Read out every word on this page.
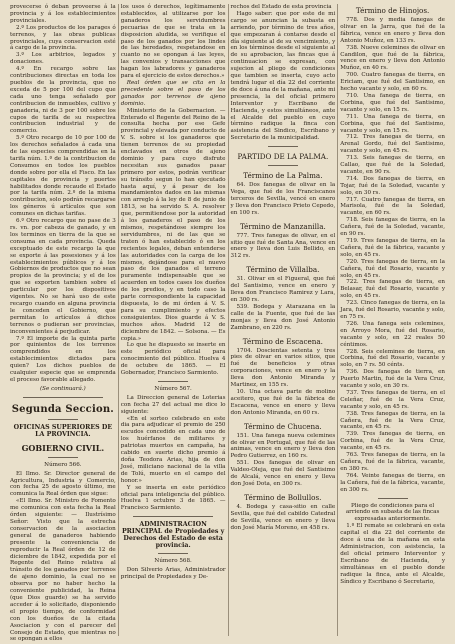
provecerse ó deban proveerse á la provincia y á los establecimientos provinciales.

2.º Los productos de los parages ó terrenos, y las obras publicas provinciales, cuya conservacion esté á cargo de la provincia.

3.º Los arbitrios, legados y donaciones.

4.º En recargo sobre las contribuciones directas en toda los pueblos de la provincia, que no exceda de 5 por 100 del cupo que cada uno tenga señalado por contribucion de inmuebles, cultivo y ganaderia, ni de 3 por 100 sobre los cupos de tarifa de su respectiva contribucion industrial y de comercio.

5.º Otro recargo de 10 por 100 de los derechos señalados á cada una de las especies comprendidas en la tarifa núm. 1.º de la contribucion de Consumos en todos los pueblos donde sobre por ella el Fisco. En las capitales de provincia y puertos habilitados donde recaude el Estado por la tarifa núm. 2.º de la misma contribucion, solo podrán recargarse los géneros ú artículos que son comunes en dichas tarifas.

6.º Otro recargo que no pase de 3 rs. vn. por cabeza de ganado, y en los terminos en tierra de la que se consuma en cada provincia. Queda exceptuado de este recargo la que se exporte á las posesiones y á los establecimientos públicos y á los Gobiernos de productos que no sean propios de la provincia; y el de los que se exporten tambien sobre el particular por los dispositivos vigentes. No se hará uso de este recargo cuando en alguna provincia le conceden el Gobierno, que permitan lo artículos á dichos terrenos o pudieran ser provincias, inconvenientes á perjudicar.

7.º El importe de la quinta parte por quinientos de los terrenos comprendidos en los establecimientos dictados para quien? Los dichos pueblos de cualquier especie que se emprenda el proceso favorable allegado.

(Se continuará.)

Segunda Seccion.
OFICINAS SUPERIORES DE LA PROVINCIA.
GOBIERNO CIVIL.

Número 566.

El Ilmo. Sr. Director general de Agricultura, Industria y Comercio, con fecha 25 de agosto último, me comunica la Real órden que sigue:

«El Ilmo. Sr. Ministro de Fomento me comunica con esta fecha la Real órden siguiente: — Ilustrísimo Señor: Visto que la estrecha conservacion de la asociacion general de ganaderos habiendo presente la conveniencia de reproducir la Real órden de 12 de diciembre de 1842, expedida por el Regente del Reino relativa al tránsito de los ganados por terrenos de ajeno dominio, la cual no se observa por no haber hecho la conveniente publicidad, la Reina (que Dios guarde) se ha servido acceder á lo solicitado, disponiendo el propio tiempo, de conformidad con los dueños de la citada Asociacion y con el parecer del Consejo de Estado, que mientras no se opongan a ellos

los usos ó derechos, legítimamente establecidos, al utilizarse por los ganaderos los servidumbres pecuarias de que se trata en la disposicion aludida, se verifique el paso de los ganados por los lindes de las heredades, respetandose en cuanto no se opongan á las leyes, las convenios y transacciones que hagan los labradores y ganaderos para el ejercicio de estos derechos.»

Real órden que se cita en la precedente sobre el paso de los ganados por terrenos de ajeno dominio.

Ministerio de la Gobernacion. — Enterado el Regente del Reino de la consulta hecha por ese Gefe provincial y elevada por conducto de V. S. sobre si los ganaderos que tienen terrenos de su propiedad enclavados en otros de ajeno dominio y para cuyo disfrute necesitan sus ganados pasar primero por estos, podrán verificar su tránsito segun lo han ejecutado hasta aquí, y á pesar de los mandamientos dados en las mismas con arreglo á la ley de 8 de junio de 1813, se ha servido S. A. resolver que, permitiendose por la autoridad á los ganaderos el paso de los mismos, respetándose siempre los servidumbres, ni de las que se traten ó han establecido ó en los recientes legales, deban entenderse las autoridades con la carga de los mismos, dejándose para el nuevo paso de los ganados el terreno puramente indispensable que se acuerden en todos cases los dueños de los predios, y en todo caso la parte correspondiente la capacidad dispuesta, lo de mi órden á V. S. para su cumplimiento y efectos consiguientes. Dios guarde á V. S. muchos años. Madrid 12 de diciembre de 1842. — Solsona. — Es copia.»

Lo que he dispuesto se inserte en este periódico oficial para conocimiento del público. Huelva 4 de octubre de 1865. — El Gobernador, Francisco Sarmiento.

Número 567.

La Direccion general de Loterias con fecha 27 del actual me dice lo siguiente:

«En el sorteo celebrado en este dia para adjudicar el premio de 250 escudos concedido en cada uno de los huérfanos de militares y patriotas muertos en campaña, ha cabido en suerte dicho premio á doña Teodora Arias, hija de don José, miliciano nacional de la villa de Tolú, muerto en el campo del honor.»

Y se inserta en este periódico oficial para inteligencia del público. Huelva 1 octubre 3 de 1865. — Francisco Sarmiento.

ADMINISTRACION PRINCIPAL de Propiedades y Derechos del Estado de esta provincia.

Número 568.

Don Silverio Arias, Administrador principal de Propiedades y De-

rechos del Estado de esta provincia

Hago saber: que por este de mi cargo se anuncian la subasta en arriendo, por término de tres años, que empezaran á contarse desde el día siguiente al de su vencimiento, y en los términos desde el siguiente al de su aprobacion, las fincas que á continuacion se expresan, con sujecion al pliego de condiciones que tambien se inserta, cuyo acto tendrá lugar el día 22 del corriente de doce á una de la mañana, ante mi presencia, la del oficial primero Interventor y Escribano de Hacienda, y estos simultáneos, ante el Alcalde del pueblo en cuyo término radique la finca con asistencia del Sindico, Escribano y Secretario de la municipalidad.

PARTIDO DE LA PALMA.
Término de La Palma.

64. Dos fanegas de olivar en la Vega, que fué de los Franciscanos terceros de Sevilla, vencé en enero y lleva don Francisco Prieto Cepedo, en 100 rs.

Término de Manzanilla.

777. Tres fanegas de olivar, en el sitio que fué de Santa Ana, vence en enero y lleva don Luis Bellido, en 312 rs.

Término de Villalba.

31. Olivar en el Figueral, que fué del Santisimo, vence en enero y lleva don Francisco Ramirez y Lara, en 300 rs.

539. Bodega y Atarazana en la calle de la Fuente, que fué de las monjas y lleva don José Antonio Zambrano, en 220 rs.

Término de Escacena.

1704. Doscientas setenta y tres pies de olivar en varios sitios, que fué de beneficios y otras corporaciones, vence en enero y la lleva don Antonio Miranda y Martinez, en 155 rs.

10. Una octava parte de molino aceitero, que fué de la fábrica de Escacena, vence en enero y lleva don Antonio Miranda, en 60 rs.

Término de Chucena.

151. Una fanega nueva celemines de olivar en Portugal, que fué de las animas, vence en enero y lleva don Pedro Gutierrez, en 160 rs.

551. Dos fanegas de olivar en Valdeo-Oleja, que fué del Santisimo de Alcalá, vence en enero y lleva don José Dota, en 300 rs.

Término de Bollullos.

4. Bodega y casa-sitio en calle Sevilla, que fué del cabildo Catedral de Sevilla, vence en enero y lleva don José María Moreno, en 458 rs.

Término de Hinojos.

778. Dos y media fanegas de olivar en la Jarra, que fué de la fábrica, vence en enero y lleva don Antonio Muñoz, en 133 rs.

738. Nueve celemines de olivar en Candilon, que fué de la fábrica, vence en enero y lleva don Antonio Muñoz, en 40 rs.

700. Cuatro fanegas de tierra, en Ericiam, que fué del Santisimo, en hecho vacante y solo, en 60 rs.

710. Una fanega de tierra, en Corbina, que fué del Santisimo, vacante y solo, en 15 rs.

711. Una fanega de tierra, en Corbina, que fué del Santisimo, vacante y solo, en 15 rs.

712. Tres fanegas de tierra, en Arenal Gordo, fué del Santisimo, vacante y solo, en 45 rs.

713. Seis fanegas de tierra, en Callao, que fué de la Soledad, vacante, en 90 rs.

714. Dos fanegas de tierra, en Tojar, fué de la Soledad, vacante y solo, en 30 rs.

717. Cuatro fanegas de tierra, en Marisola, fué de la Soledad, vacante, en 60 rs.

718. Seis fanegas de tierra, en la Cañera, fué de la Soledad, vacante, en 90 rs.

719. Tres fanegas de tierra, en la Cañera, fué de la fábrica, vacante y solo, en 45 rs.

720. Tres fanegas de tierra, en la Cañera, fué del Rosario, vacante y solo, en 45 rs.

722. Tres fanegas de tierra, en Belasar, fué del Rosario, vacante y solo, en 45 rs.

723. Cinco fanegas de tierra, en la Jara, fué del Rosario, vacante y solo, en 75 rs.

726. Una fanega seis celemines, en Arroyo Mora, fué del Rosario, vacante y solo, en 22 reales 50 céntimos.

728. Seis celemines de tierra, en Corbina, fué del Rosario, vacante y solo, en 7 rs. 50 cénts.

736. Dos fanegas de tierra, en Puerto Martin, fué de la Vera Cruz, vacante y solo, en 30 rs.

737. Tres fanegas de tierra, en el Celeñar, fué de la Vera Cruz, vacante y solo, en 45 rs.

738. Tres fanegas de tierra, en la Cañera, fué de la Vera Cruz, vacante, en 45 rs.

739. Tres fanegas de tierra, en Corbina, fué de la Vera Cruz, vacante, en 45 rs.

763. Tres fanegas de tierra, en la Cañera, fué de la fábrica, vacante, en 380 rs.

764. Veinte fanegas de tierra, en la Cañera, fué de la fábrica, vacante, en 300 rs.

Pliego de condiciones para el arriendo en subasta de las fincas expresadas anteriormente.

1.º El remate se celebrará en esta capital el dia 22 del corriente de doce á una de la mañana en esta Administracion, con asistencia, la del oficial primero Interventor y Escribano de Hacienda, y simultáneas en el pueblo donde radique la finca, ante el Alcalde, Síndico y Escribano ó Secretario,
